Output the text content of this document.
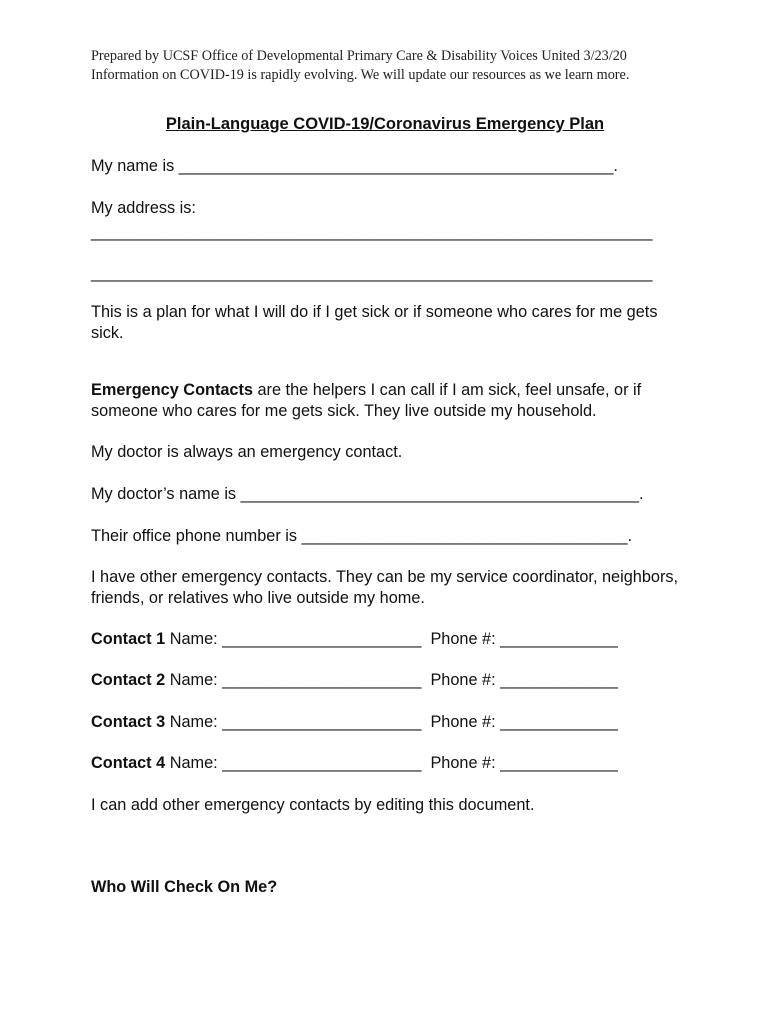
Prepared by UCSF Office of Developmental Primary Care & Disability Voices United 3/23/20
Information on COVID-19 is rapidly evolving. We will update our resources as we learn more.
Plain-Language COVID-19/Coronavirus Emergency Plan
My name is ________________________________________________.
My address is:
______________________________________________________________
______________________________________________________________
This is a plan for what I will do if I get sick or if someone who cares for me gets sick.
Emergency Contacts are the helpers I can call if I am sick, feel unsafe, or if someone who cares for me gets sick. They live outside my household.
My doctor is always an emergency contact.
My doctor’s name is ____________________________________________.
Their office phone number is ____________________________________.
I have other emergency contacts. They can be my service coordinator, neighbors, friends, or relatives who live outside my home.
Contact 1 Name: ______________________  Phone #: _____________
Contact 2 Name: ______________________  Phone #: _____________
Contact 3 Name: ______________________  Phone #: _____________
Contact 4 Name: ______________________  Phone #: _____________
I can add other emergency contacts by editing this document.
Who Will Check On Me?
